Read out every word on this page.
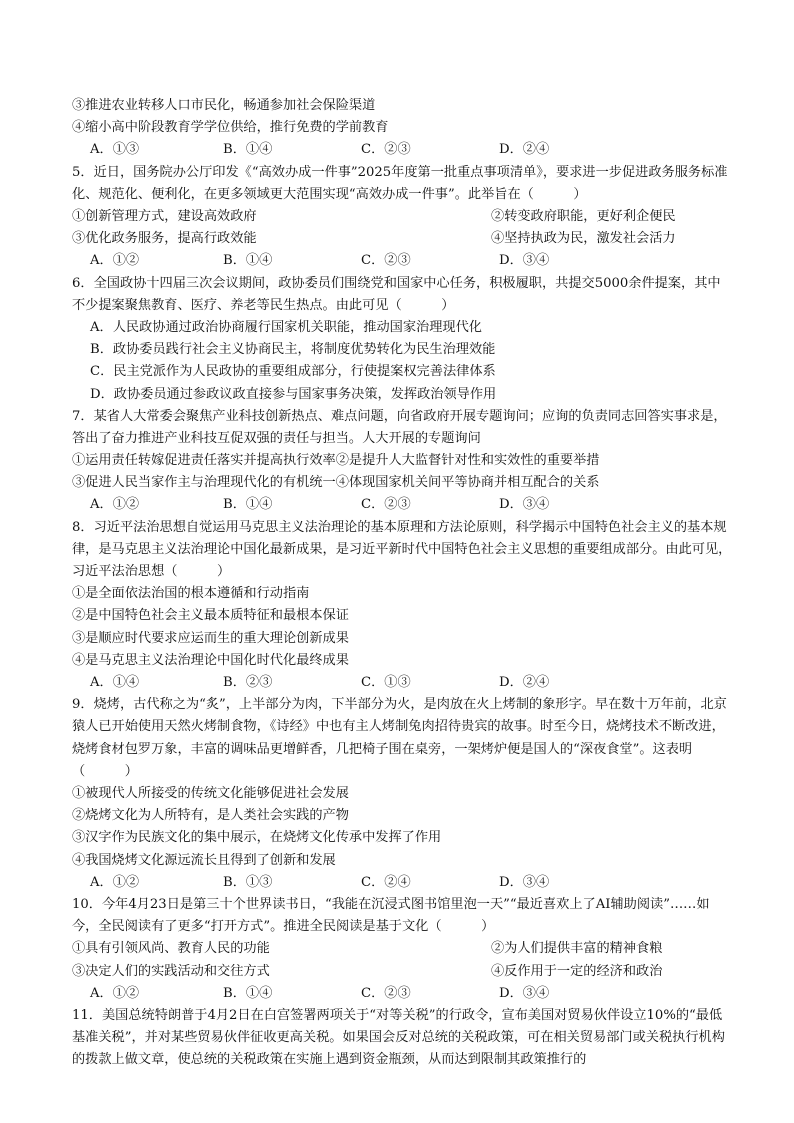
③推进农业转移人口市民化，畅通参加社会保险渠道
④缩小高中阶段教育学学位供给，推行免费的学前教育
A．①③	B．①④	C．②③	D．②④
5．近日，国务院办公厅印发《“高效办成一件事”2025年度第一批重点事项清单》，要求进一步促进政务服务标准化、规范化、便利化，在更多领域更大范围实现“高效办成一件事”。此举旨在（　　　）
①创新管理方式，建设高效政府	②转变政府职能，更好利企便民
③优化政务服务，提高行政效能	④坚持执政为民，激发社会活力
A．①②	B．①④	C．②③	D．③④
6．全国政协十四届三次会议期间，政协委员们围绕党和国家中心任务，积极履职，共提交5000余件提案，其中不少提案聚焦教育、医疗、养老等民生热点。由此可见（　　　）
A．人民政协通过政治协商履行国家机关职能，推动国家治理现代化
B．政协委员践行社会主义协商民主，将制度优势转化为民生治理效能
C．民主党派作为人民政协的重要组成部分，行使提案权完善法律体系
D．政协委员通过参政议政直接参与国家事务决策，发挥政治领导作用
7．某省人大常委会聚焦产业科技创新热点、难点问题，向省政府开展专题询问；应询的负责同志回答实事求是，答出了奋力推进产业科技互促双强的责任与担当。人大开展的专题询问
①运用责任转嫁促进责任落实并提高执行效率②是提升人大监督针对性和实效性的重要举措
③促进人民当家作主与治理现代化的有机统一④体现国家机关间平等协商并相互配合的关系
A．①②	B．①④	C．②③	D．③④
8．习近平法治思想自觉运用马克思主义法治理论的基本原理和方法论原则，科学揭示中国特色社会主义的基本规律，是马克思主义法治理论中国化最新成果，是习近平新时代中国特色社会主义思想的重要组成部分。由此可见，习近平法治思想（　　　）
①是全面依法治国的根本遵循和行动指南
②是中国特色社会主义最本质特征和最根本保证
③是顺应时代要求应运而生的重大理论创新成果
④是马克思主义法治理论中国化时代化最终成果
A．①④	B．②③	C．①③	D．②④
9．烧烤，古代称之为“炙”，上半部分为肉，下半部分为火，是肉放在火上烤制的象形字。早在数十万年前，北京猿人已开始使用天然火烤制食物，《诗经》中也有主人烤制兔肉招待贵宾的故事。时至今日，烧烤技术不断改进，烧烤食材包罗万象，丰富的调味品更增鲜香，几把椅子围在桌旁，一架烤炉便是国人的“深夜食堂”。这表明（　　　）
①被现代人所接受的传统文化能够促进社会发展
②烧烤文化为人所特有，是人类社会实践的产物
③汉字作为民族文化的集中展示，在烧烤文化传承中发挥了作用
④我国烧烤文化源远流长且得到了创新和发展
A．①②	B．①③	C．②④	D．③④
10．今年4月23日是第三十个世界读书日，“我能在沉浸式图书馆里泡一天”“最近喜欢上了AI辅助阅读”……如今，全民阅读有了更多“打开方式”。推进全民阅读是基于文化（　　　）
①具有引领风尚、教育人民的功能	②为人们提供丰富的精神食粮
③决定人们的实践活动和交往方式	④反作用于一定的经济和政治
A．①②	B．①④	C．②③	D．③④
11．美国总统特朗普于4月2日在白宫签署两项关于“对等关税”的行政令，宣布美国对贸易伙伴设立10%的“最低基准关税”，并对某些贸易伙伴征收更高关税。如果国会反对总统的关税政策，可在相关贸易部门或关税执行机构的拨款上做文章，使总统的关税政策在实施上遇到资金瓶颈，从而达到限制其政策推行的
